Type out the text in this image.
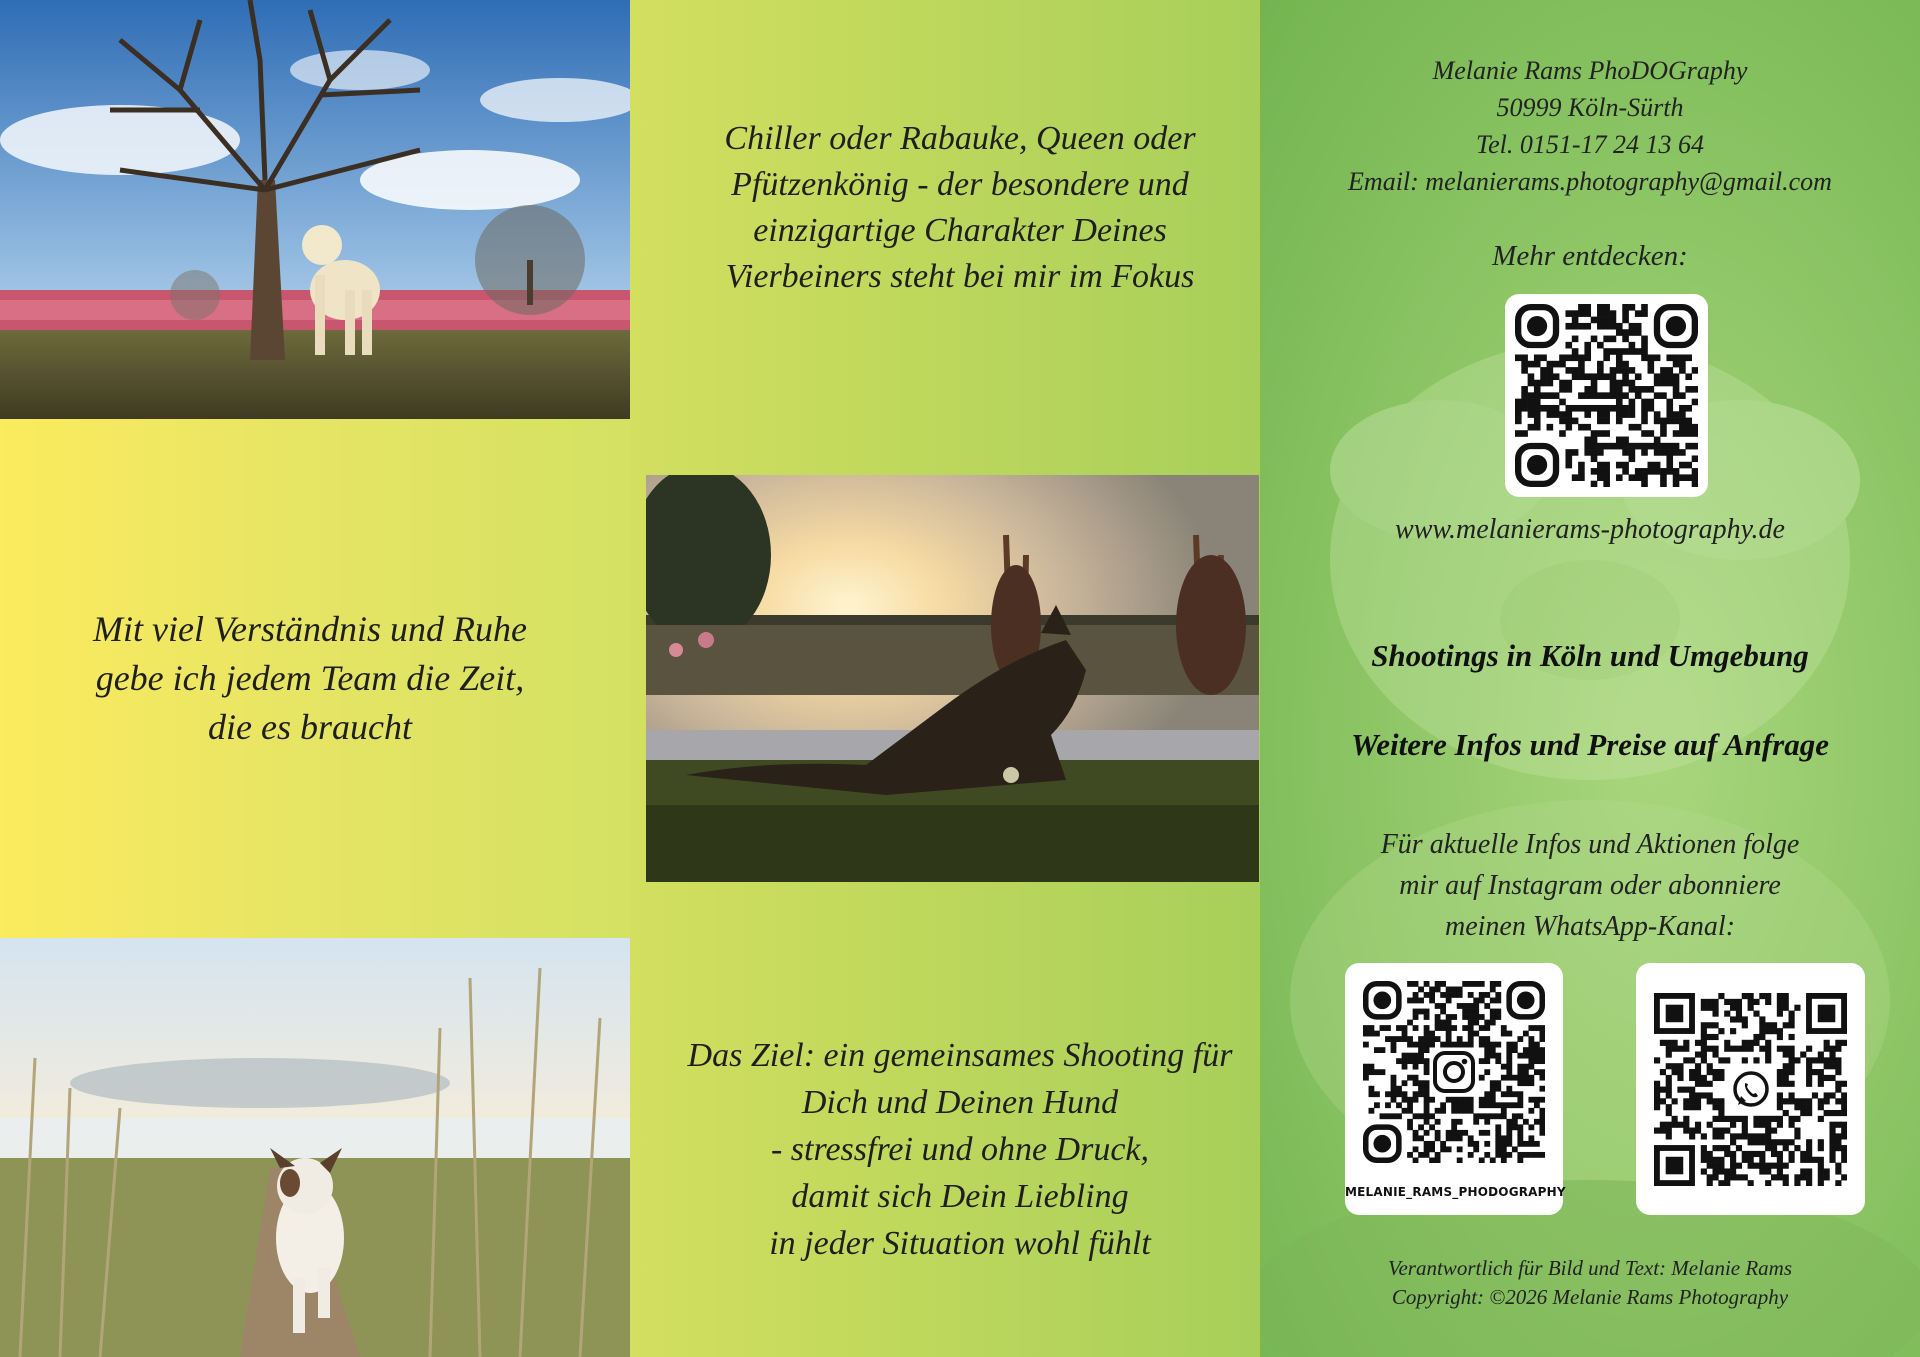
Mit viel Verständnis und Ruhe
gebe ich jedem Team die Zeit,
die es braucht
Chiller oder Rabauke, Queen oder
Pfützenkönig - der besondere und
einzigartige Charakter Deines
Vierbeiners steht bei mir im Fokus
Das Ziel: ein gemeinsames Shooting für
Dich und Deinen Hund
- stressfrei und ohne Druck,
damit sich Dein Liebling
in jeder Situation wohl fühlt
Melanie Rams PhoDOGraphy
50999 Köln-Sürth
Tel. 0151-17 24 13 64
Email: melanierams.photography@gmail.com
Mehr entdecken:
www.melanierams-photography.de
Shootings in Köln und Umgebung
Weitere Infos und Preise auf Anfrage
Für aktuelle Infos und Aktionen folge
mir auf Instagram oder abonniere
meinen WhatsApp-Kanal:
MELANIE_RAMS_PHODOGRAPHY
Verantwortlich für Bild und Text: Melanie Rams
Copyright: ©2026 Melanie Rams Photography
